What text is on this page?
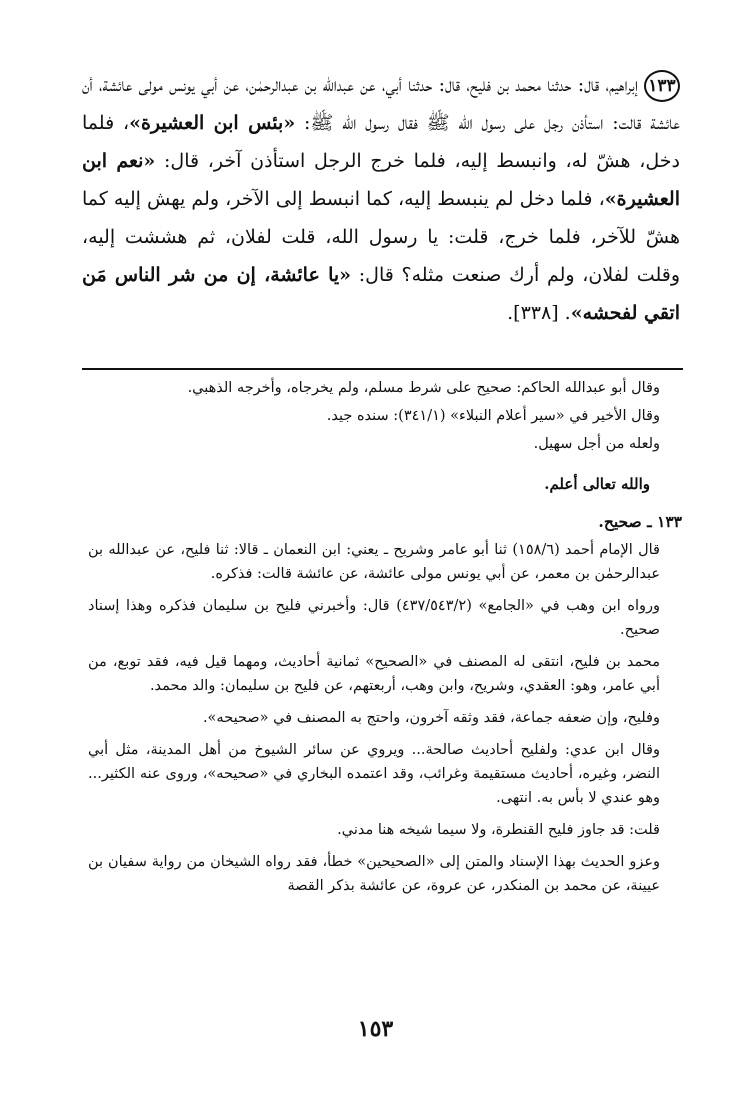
١٣٣إبراهيم، قال: حدثنا محمد بن فليح، قال: حدثنا أبي، عن عبدالله بن عبدالرحمٰن، عن أبي يونس مولى عائشة، أن عائشة قالت: استأذن رجل على رسول الله ﷺ فقال رسول الله ﷺ: «بئس ابن العشيرة»، فلما دخل، هشّ له، وانبسط إليه، فلما خرج الرجل استأذن آخر، قال: «نعم ابن العشيرة»، فلما دخل لم ينبسط إليه، كما انبسط إلى الآخر، ولم يهش إليه كما هشّ للآخر، فلما خرج، قلت: يا رسول الله، قلت لفلان، ثم هششت إليه، وقلت لفلان، ولم أرك صنعت مثله؟ قال: «يا عائشة، إن من شر الناس مَن اتقي لفحشه». [٣٣٨].

وقال أبو عبدالله الحاكم: صحيح على شرط مسلم، ولم يخرجاه، وأخرجه الذهبي.

وقال الأخير في «سير أعلام النبلاء» (٣٤١/١): سنده جيد.

ولعله من أجل سهيل.

والله تعالى أعلم.

١٣٣ ـ صحيح.

قال الإمام أحمد (١٥٨/٦) ثنا أبو عامر وشريح ـ يعني: ابن النعمان ـ قالا: ثنا فليح، عن عبدالله بن عبدالرحمٰن بن معمر، عن أبي يونس مولى عائشة، عن عائشة قالت: فذكره.

ورواه ابن وهب في «الجامع» (٤٣٧/٥٤٣/٢) قال: وأخبرني فليح بن سليمان فذكره وهذا إسناد صحيح.

محمد بن فليح، انتقى له المصنف في «الصحيح» ثمانية أحاديث، ومهما قيل فيه، فقد توبع، من أبي عامر، وهو: العقدي، وشريح، وابن وهب، أربعتهم، عن فليح بن سليمان: والد محمد.

وفليح، وإن ضعفه جماعة، فقد وثقه آخرون، واحتج به المصنف في «صحيحه».

وقال ابن عدي: ولفليح أحاديث صالحة... ويروي عن سائر الشيوخ من أهل المدينة، مثل أبي النضر، وغيره، أحاديث مستقيمة وغرائب، وقد اعتمده البخاري في «صحيحه»، وروى عنه الكثير... وهو عندي لا بأس به. انتهى.

قلت: قد جاوز فليح القنطرة، ولا سيما شيخه هنا مدني.

وعزو الحديث بهذا الإسناد والمتن إلى «الصحيحين» خطأ، فقد رواه الشيخان من رواية سفيان بن عيينة، عن محمد بن المنكدر، عن عروة، عن عائشة بذكر القصة

١٥٣
